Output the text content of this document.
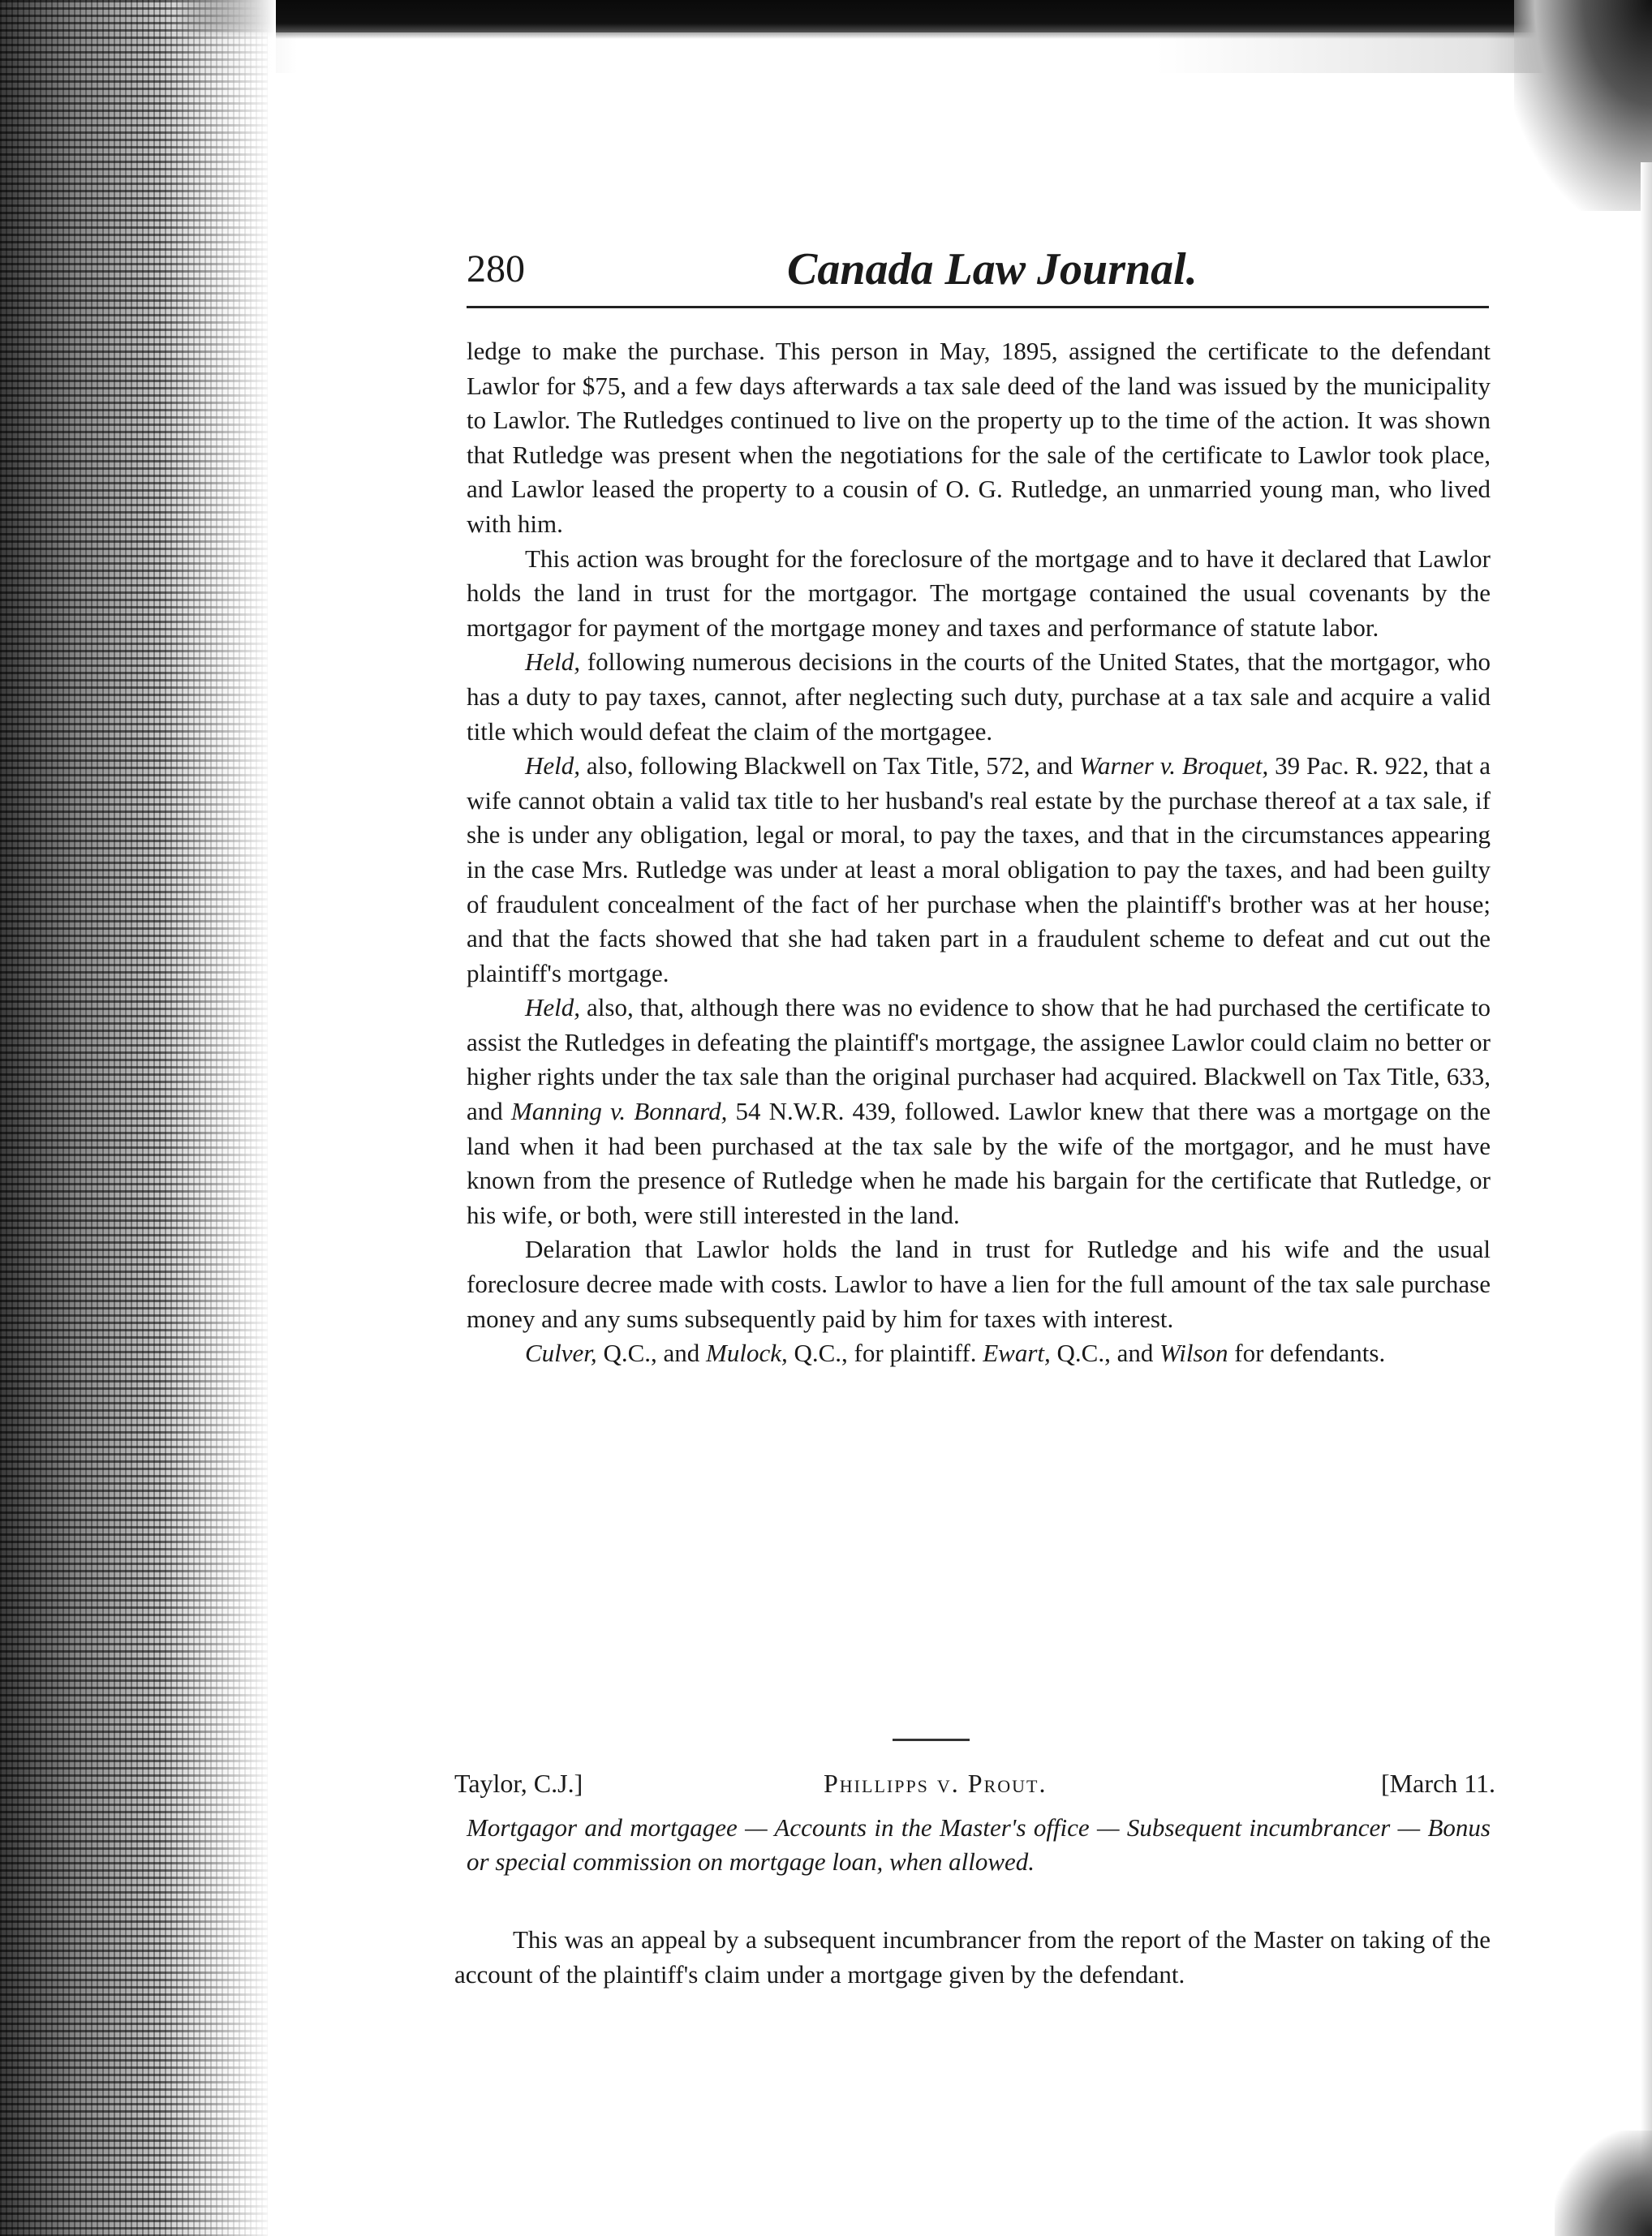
280	Canada Law Journal.

ledge to make the purchase. This person in May, 1895, assigned the certificate to the defendant Lawlor for $75, and a few days afterwards a tax sale deed of the land was issued by the municipality to Lawlor. The Rutledges continued to live on the property up to the time of the action. It was shown that Rutledge was present when the negotiations for the sale of the certificate to Lawlor took place, and Lawlor leased the property to a cousin of O. G. Rutledge, an unmarried young man, who lived with him.

This action was brought for the foreclosure of the mortgage and to have it declared that Lawlor holds the land in trust for the mortgagor. The mortgage contained the usual covenants by the mortgagor for payment of the mortgage money and taxes and performance of statute labor.

Held, following numerous decisions in the courts of the United States, that the mortgagor, who has a duty to pay taxes, cannot, after neglecting such duty, purchase at a tax sale and acquire a valid title which would defeat the claim of the mortgagee.

Held, also, following Blackwell on Tax Title, 572, and Warner v. Broquet, 39 Pac. R. 922, that a wife cannot obtain a valid tax title to her husband's real estate by the purchase thereof at a tax sale, if she is under any obligation, legal or moral, to pay the taxes, and that in the circumstances appearing in the case Mrs. Rutledge was under at least a moral obligation to pay the taxes, and had been guilty of fraudulent concealment of the fact of her purchase when the plaintiff's brother was at her house; and that the facts showed that she had taken part in a fraudulent scheme to defeat and cut out the plaintiff's mortgage.

Held, also, that, although there was no evidence to show that he had purchased the certificate to assist the Rutledges in defeating the plaintiff's mortgage, the assignee Lawlor could claim no better or higher rights under the tax sale than the original purchaser had acquired. Blackwell on Tax Title, 633, and Manning v. Bonnard, 54 N.W.R. 439, followed. Lawlor knew that there was a mortgage on the land when it had been purchased at the tax sale by the wife of the mortgagor, and he must have known from the presence of Rutledge when he made his bargain for the certificate that Rutledge, or his wife, or both, were still interested in the land.

Delaration that Lawlor holds the land in trust for Rutledge and his wife and the usual foreclosure decree made with costs. Lawlor to have a lien for the full amount of the tax sale purchase money and any sums subsequently paid by him for taxes with interest.

Culver, Q.C., and Mulock, Q.C., for plaintiff. Ewart, Q.C., and Wilson for defendants.

Taylor, C.J.]	Phillipps v. Prout.	[March 11.

Mortgagor and mortgagee — Accounts in the Master's office — Subsequent incumbrancer — Bonus or special commission on mortgage loan, when allowed.

This was an appeal by a subsequent incumbrancer from the report of the Master on taking of the account of the plaintiff's claim under a mortgage given by the defendant.
